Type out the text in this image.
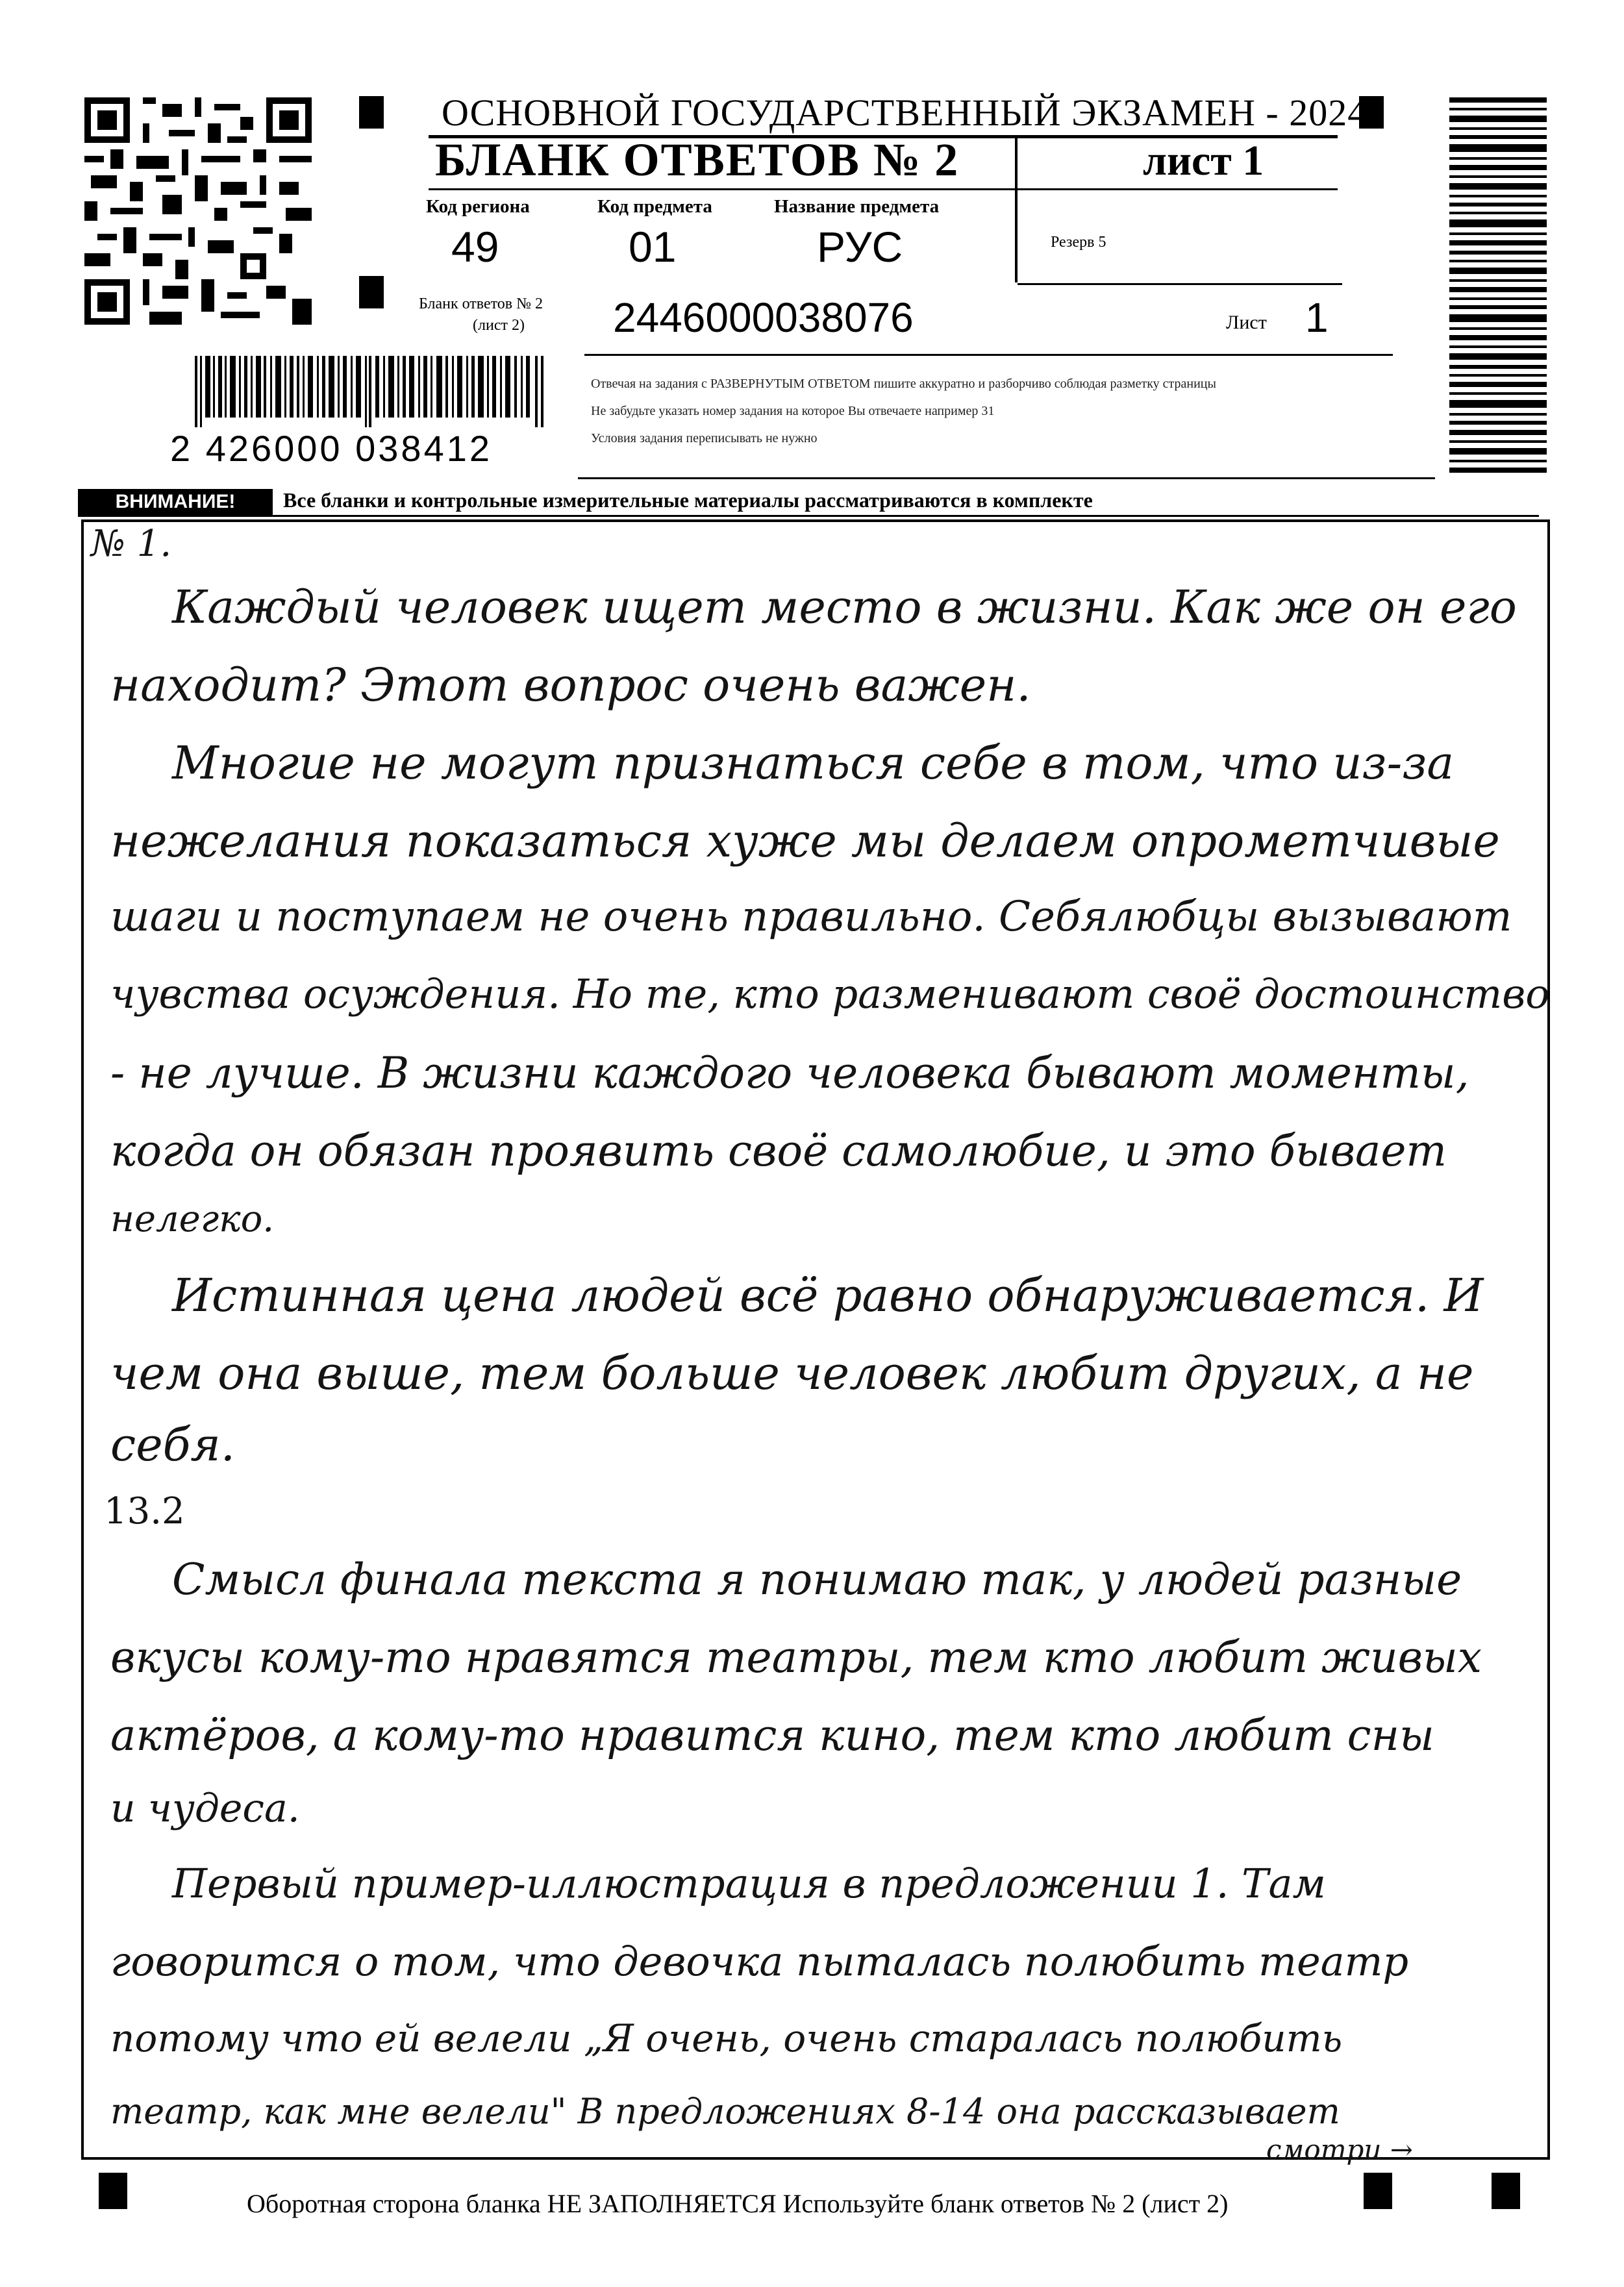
2 426000 038412
ОСНОВНОЙ ГОСУДАРСТВЕННЫЙ ЭКЗАМЕН - 2024
БЛАНК ОТВЕТОВ № 2	лист 1
Код региона
49
Код предмета
01
Название предмета
РУС	Резерв 5
Бланк ответов № 2
(лист 2) 2446000038076	Лист 1
Отвечая на задания с РАЗВЕРНУТЫМ ОТВЕТОМ пишите аккуратно и разборчиво соблюдая разметку страницы
Не забудьте указать номер задания на которое Вы отвечаете например 31
Условия задания переписывать не нужно
ВНИМАНИЕ!	Все бланки и контрольные измерительные материалы рассматриваются в комплекте
№ 1.
Каждый человек ищет место в жизни. Как же он его
находит? Этот вопрос очень важен.
Многие не могут признаться себе в том, что из-за
нежелания показаться хуже мы делаем опрометчивые
шаги и поступаем не очень правильно. Себялюбцы вызывают
чувства осуждения. Но те, кто разменивают своё достоинство
- не лучше. В жизни каждого человека бывают моменты,
когда он обязан проявить своё самолюбие, и это бывает
нелегко.
Истинная цена людей всё равно обнаруживается. И
чем она выше, тем больше человек любит других, а не
себя.
13.2
Смысл финала текста я понимаю так, у людей разные
вкусы кому-то нравятся театры, тем кто любит живых
актёров, а кому-то нравится кино, тем кто любит сны
и чудеса.
Первый пример-иллюстрация в предложении 1. Там
говорится о том, что девочка пыталась полюбить театр
потому что ей велели „Я очень, очень старалась полюбить
театр, как мне велели" В предложениях 8-14 она рассказывает
смотри →
Оборотная сторона бланка НЕ ЗАПОЛНЯЕТСЯ Используйте бланк ответов № 2 (лист 2)
